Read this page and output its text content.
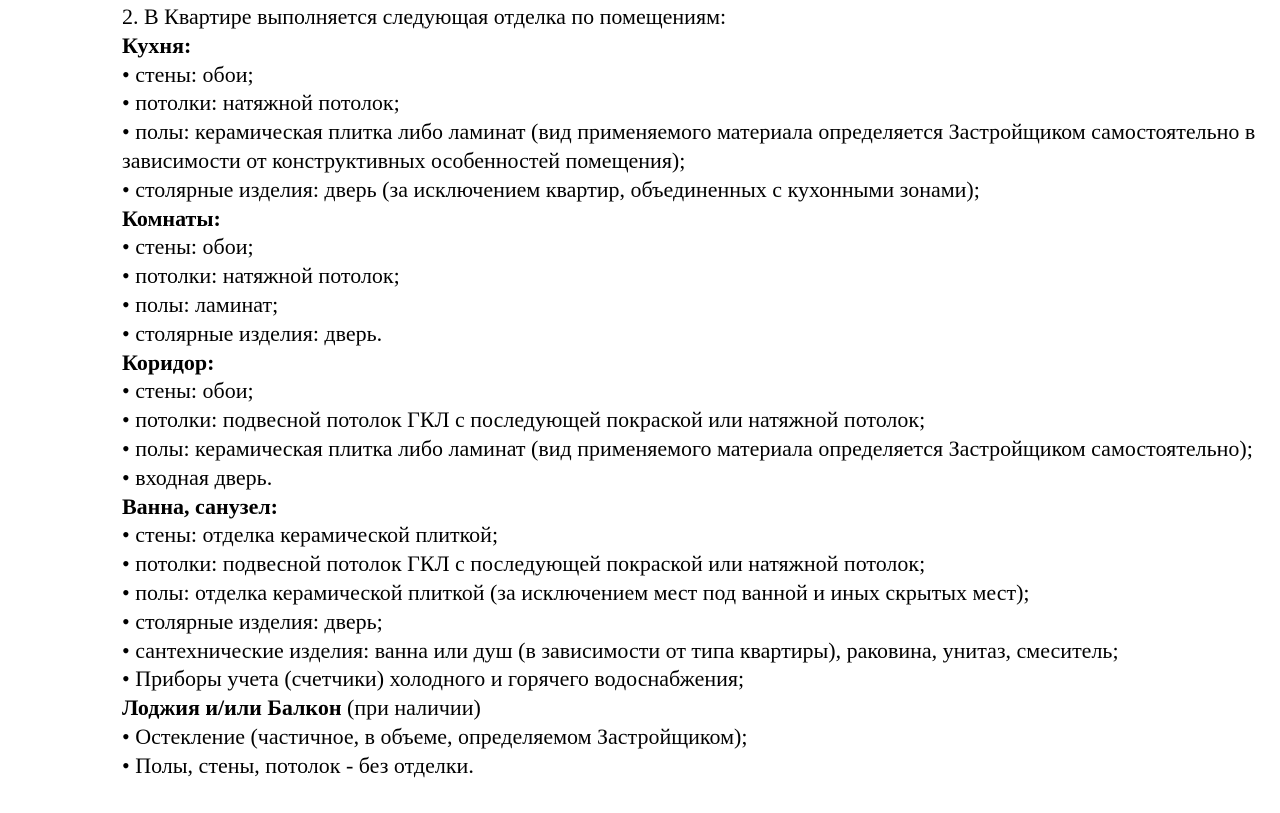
2. В Квартире выполняется следующая отделка по помещениям:
Кухня:
• стены: обои;
• потолки: натяжной потолок;
• полы: керамическая плитка либо ламинат (вид применяемого материала определяется Застройщиком самостоятельно в зависимости от конструктивных особенностей помещения);
• столярные изделия: дверь (за исключением квартир, объединенных с кухонными зонами);
Комнаты:
• стены: обои;
• потолки: натяжной потолок;
• полы: ламинат;
• столярные изделия: дверь.
Коридор:
• стены: обои;
• потолки: подвесной потолок ГКЛ с последующей покраской или натяжной потолок;
• полы: керамическая плитка либо ламинат (вид применяемого материала определяется Застройщиком самостоятельно);
• входная дверь.
Ванна, санузел:
• стены: отделка керамической плиткой;
• потолки: подвесной потолок ГКЛ с последующей покраской или натяжной потолок;
• полы: отделка керамической плиткой (за исключением мест под ванной и иных скрытых мест);
• столярные изделия: дверь;
• сантехнические изделия: ванна или душ (в зависимости от типа квартиры), раковина, унитаз, смеситель;
• Приборы учета (счетчики) холодного и горячего водоснабжения;
Лоджия и/или Балкон (при наличии)
• Остекление (частичное, в объеме, определяемом Застройщиком);
• Полы, стены, потолок - без отделки.
